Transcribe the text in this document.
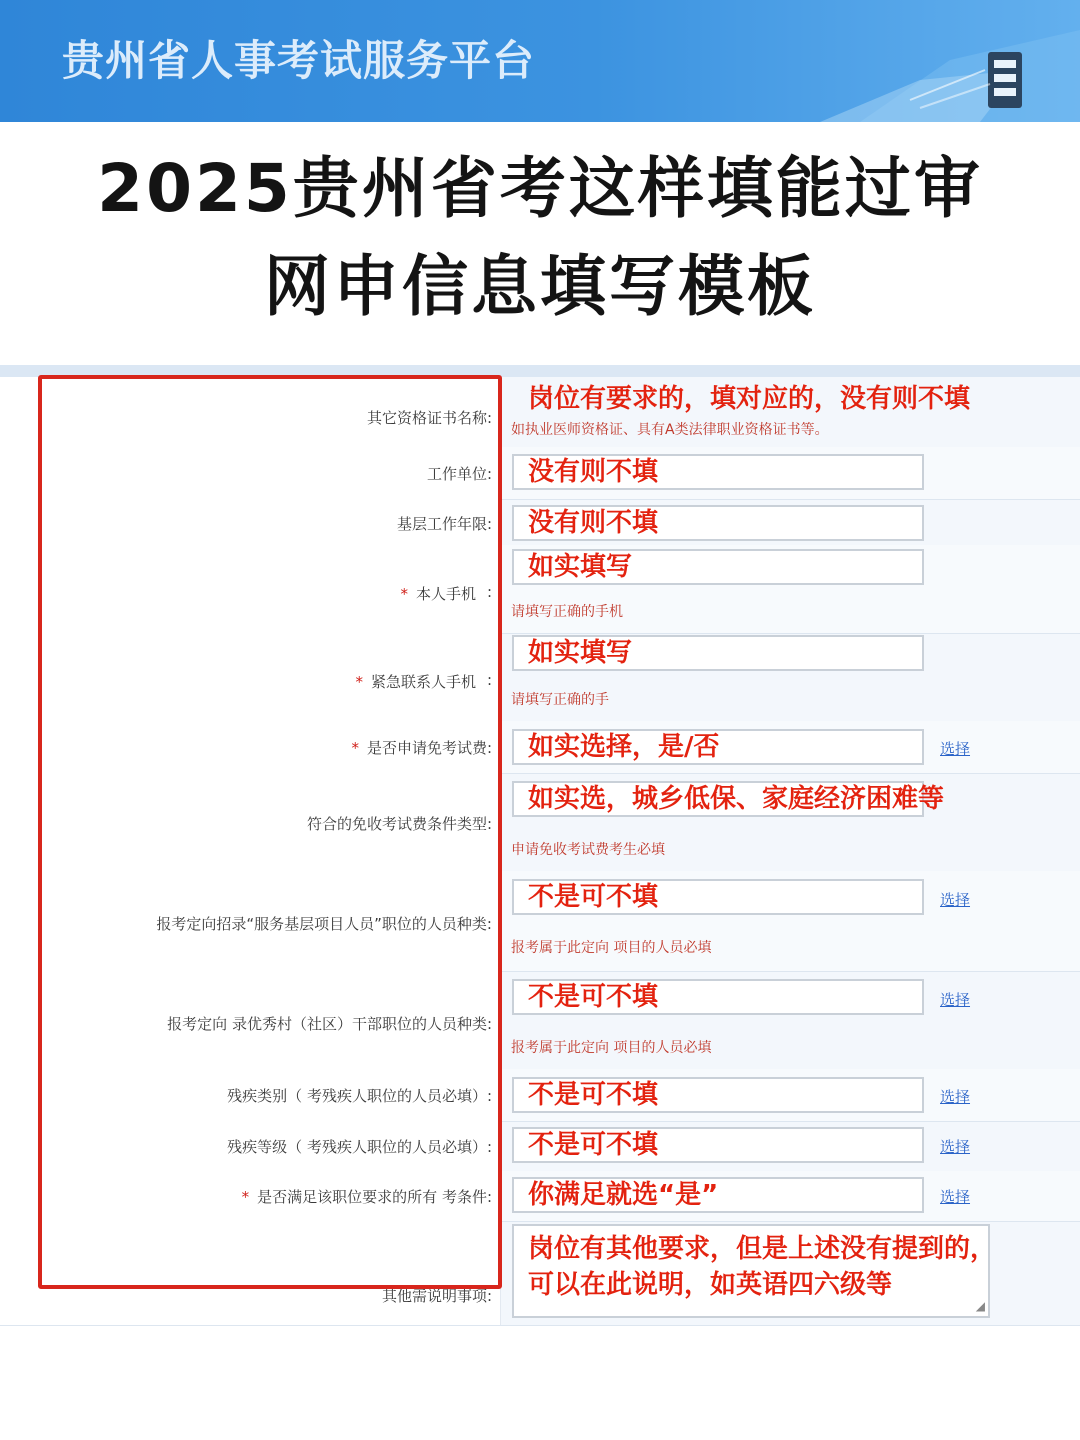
贵州省人事考试服务平台
2025贵州省考这样填能过审
网申信息填写模板
其它资格证书名称:
岗位有要求的，填对应的，没有则不填
如执业医师资格证、具有A类法律职业资格证书等。
工作单位: 没有则不填
基层工作年限: 没有则不填
* 本人手机 :
如实填写
请填写正确的手机
* 紧急联系人手机 :
如实填写
请填写正确的手
* 是否申请免考试费: 如实选择，是/否	选择
符合的免收考试费条件类型:
如实选，城乡低保、家庭经济困难等
申请免收考试费考生必填
报考定向招录“服务基层项目人员”职位的人员种类:
不是可不填	选择
报考属于此定向 项目的人员必填
报考定向 录优秀村（社区）干部职位的人员种类:
不是可不填	选择
报考属于此定向 项目的人员必填
残疾类别（ 考残疾人职位的人员必填）: 不是可不填	选择
残疾等级（ 考残疾人职位的人员必填）: 不是可不填	选择
* 是否满足该职位要求的所有 考条件: 你满足就选“是”	选择
其他需说明事项:
◢
岗位有其他要求，但是上述没有提到的，
可以在此说明，如英语四六级等
